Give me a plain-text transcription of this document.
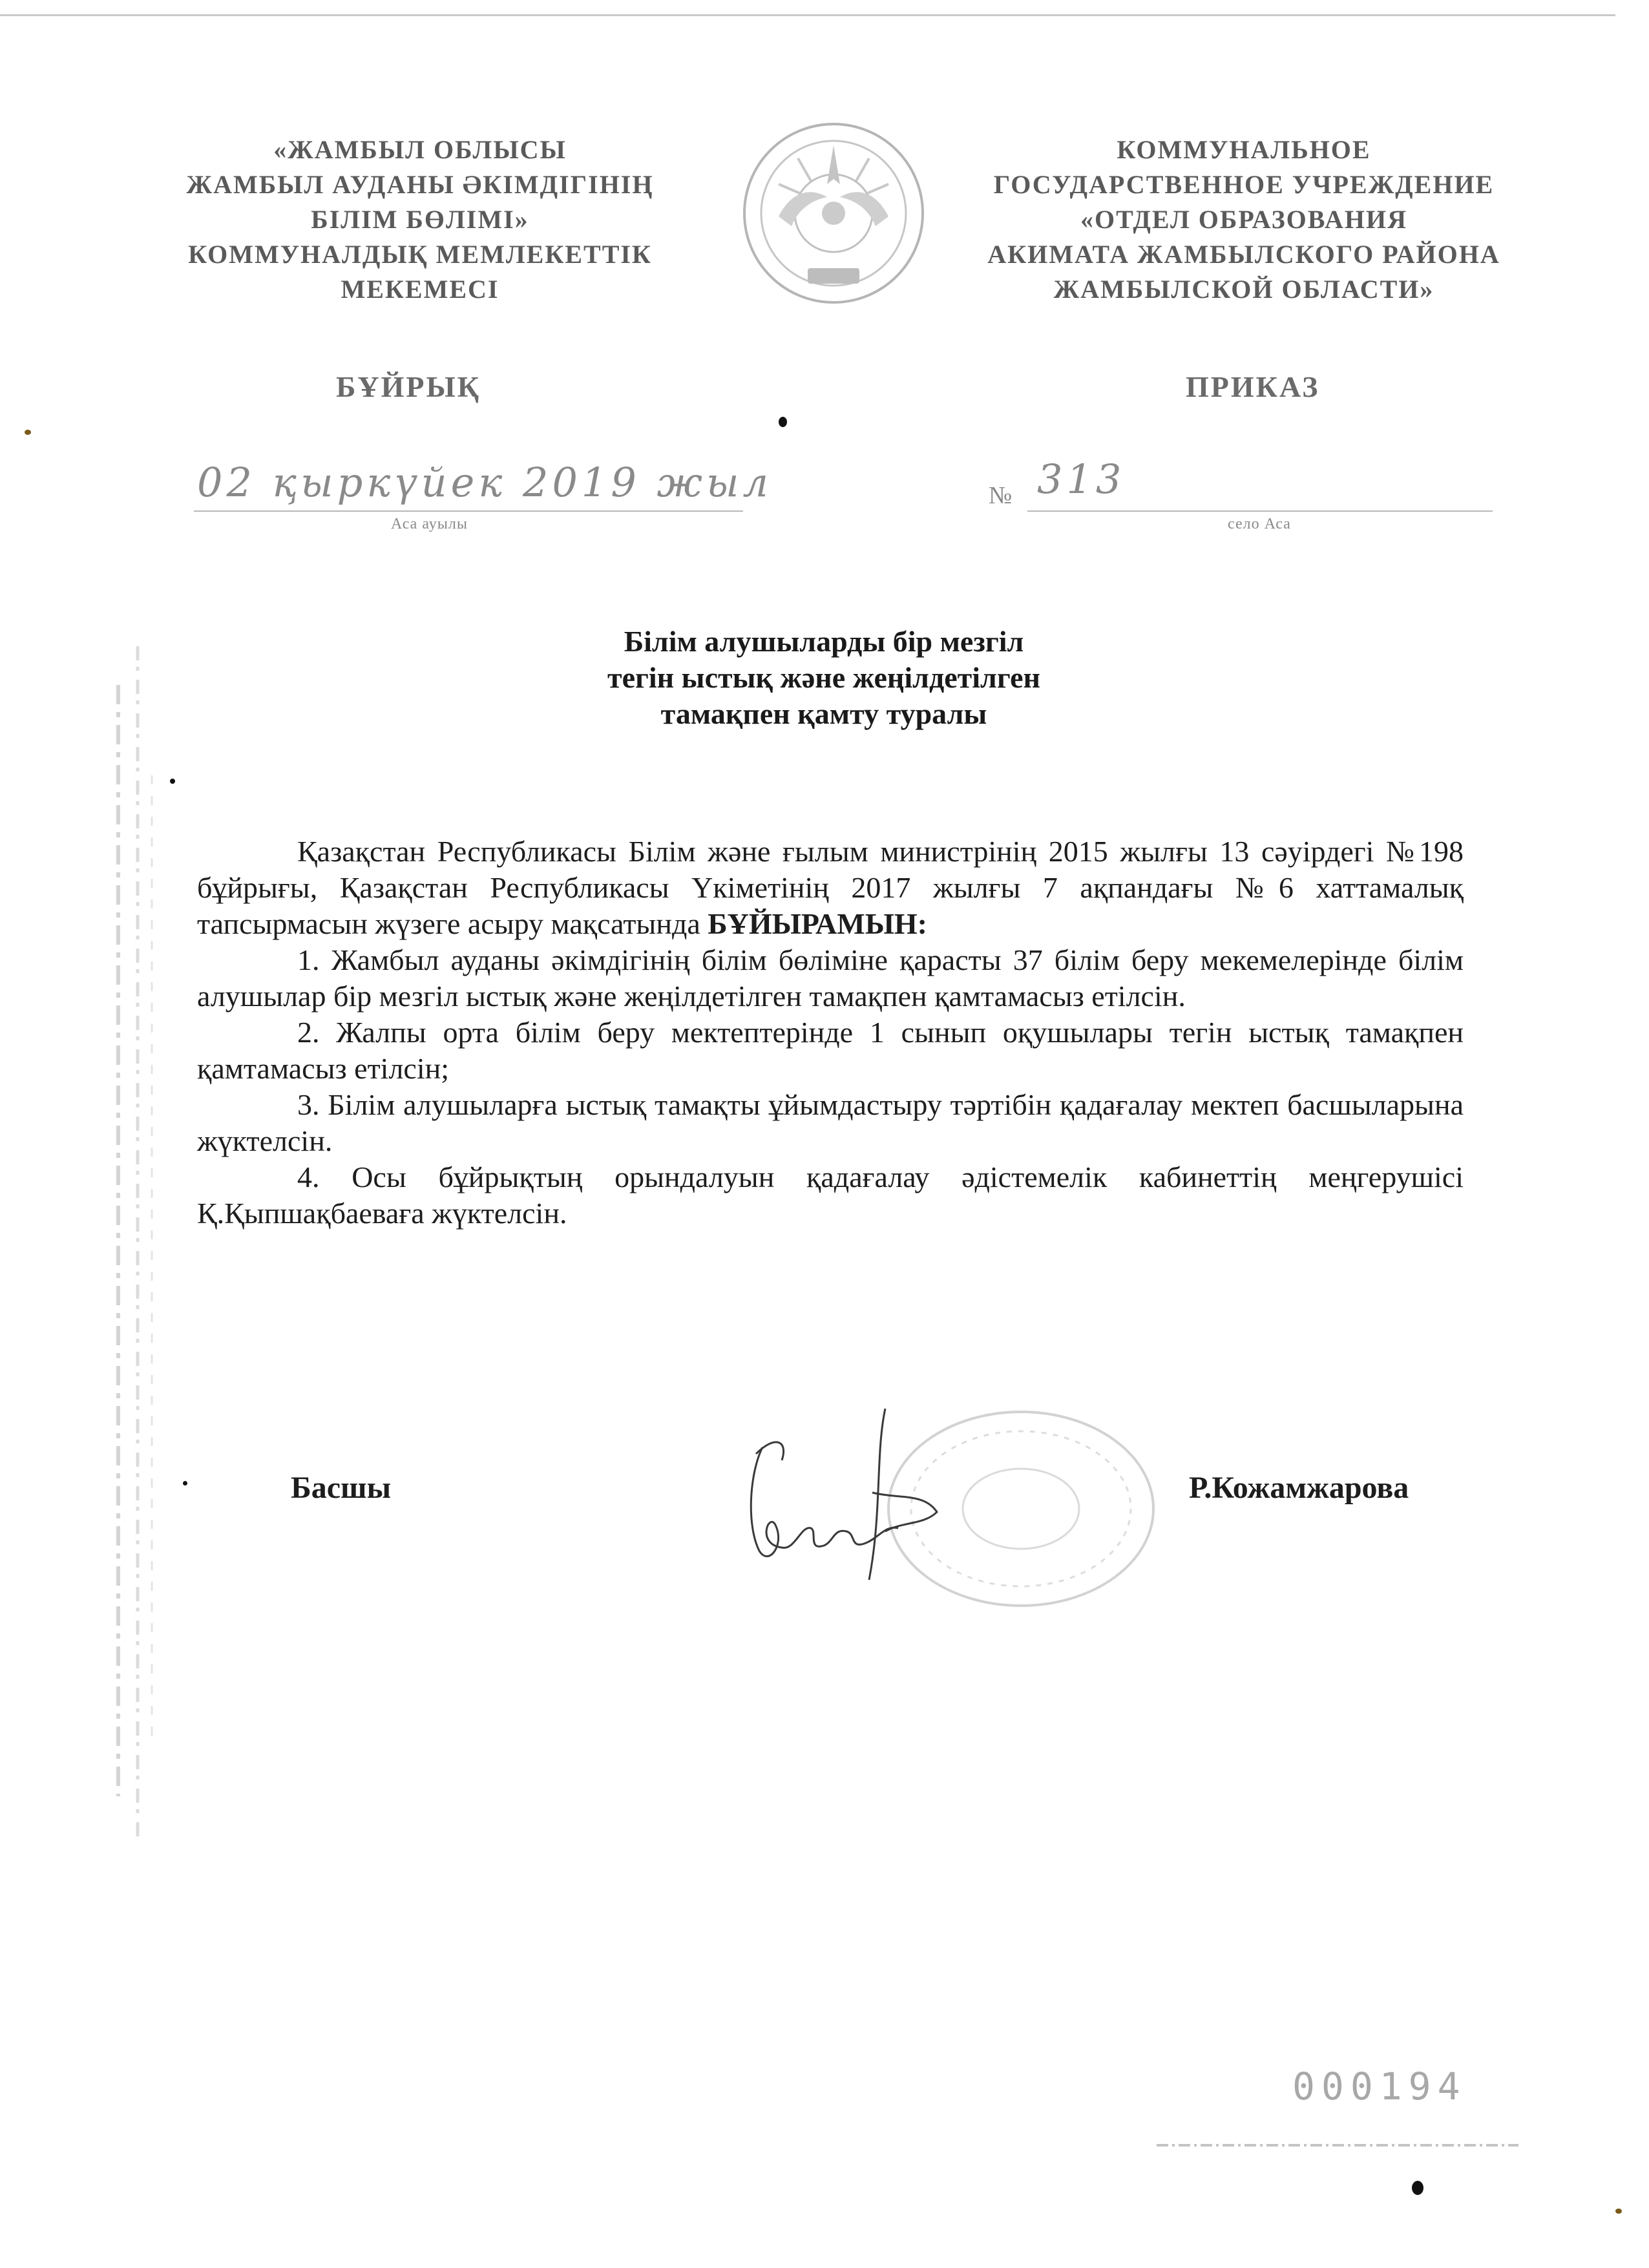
«ЖАМБЫЛ ОБЛЫСЫ
ЖАМБЫЛ АУДАНЫ ӘКІМДІГІНІҢ
БІЛІМ БӨЛІМІ»
КОММУНАЛДЫҚ МЕМЛЕКЕТТІК
МЕКЕМЕСІ
КОММУНАЛЬНОЕ
ГОСУДАРСТВЕННОЕ УЧРЕЖДЕНИЕ
«ОТДЕЛ ОБРАЗОВАНИЯ
АКИМАТА ЖАМБЫЛСКОГО РАЙОНА
ЖАМБЫЛСКОЙ ОБЛАСТИ»
БҰЙРЫҚ	ПРИКАЗ
02 қыркүйек 2019 жыл
Аса ауылы
№ 313
село Аса
Білім алушыларды бір мезгіл
тегін ыстық және жеңілдетілген
тамақпен қамту туралы

Қазақстан Республикасы Білім және ғылым министрінің 2015 жылғы 13 сәуірдегі №198 бұйрығы, Қазақстан Республикасы Үкіметінің 2017 жылғы 7 ақпандағы №6 хаттамалық тапсырмасын жүзеге асыру мақсатында БҰЙЫРАМЫН:

1. Жамбыл ауданы әкімдігінің білім бөліміне қарасты 37 білім беру мекемелерінде білім алушылар бір мезгіл ыстық және жеңілдетілген тамақпен қамтамасыз етілсін.

2. Жалпы орта білім беру мектептерінде 1 сынып оқушылары тегін ыстық тамақпен қамтамасыз етілсін;

3. Білім алушыларға ыстық тамақты ұйымдастыру тәртібін қадағалау мектеп басшыларына жүктелсін.

4. Осы бұйрықтың орындалуын қадағалау әдістемелік кабинеттің меңгерушісі Қ.Қыпшақбаеваға жүктелсін.

Басшы	Р.Кожамжарова
000194
